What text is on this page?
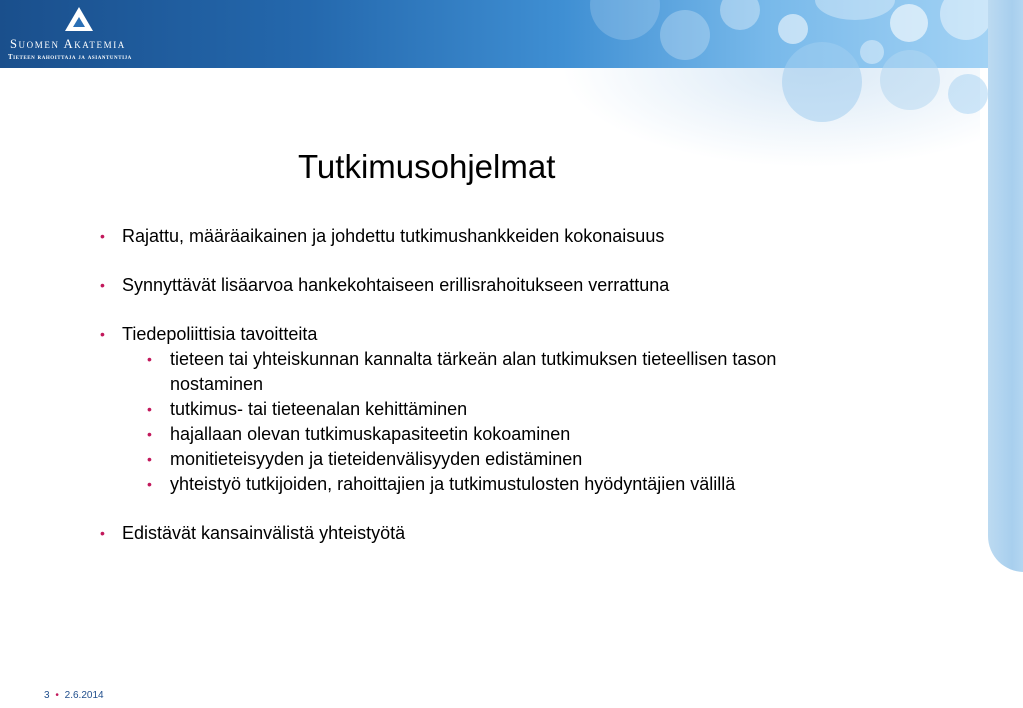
Suomen Akatemia
Tieteen rahoittaja ja asiantuntija
Tutkimusohjelmat
• Rajattu, määräaikainen ja johdettu tutkimushankkeiden kokonaisuus
• Synnyttävät lisäarvoa hankekohtaiseen erillisrahoitukseen verrattuna
• Tiedepoliittisia tavoitteita
• tieteen tai yhteiskunnan kannalta tärkeän alan tutkimuksen tieteellisen tason nostaminen
• tutkimus- tai tieteenalan kehittäminen
• hajallaan olevan tutkimuskapasiteetin kokoaminen
• monitieteisyyden ja tieteidenvälisyyden edistäminen
• yhteistyö tutkijoiden, rahoittajien ja tutkimustulosten hyödyntäjien välillä
• Edistävät kansainvälistä yhteistyötä
3 • 2.6.2014
